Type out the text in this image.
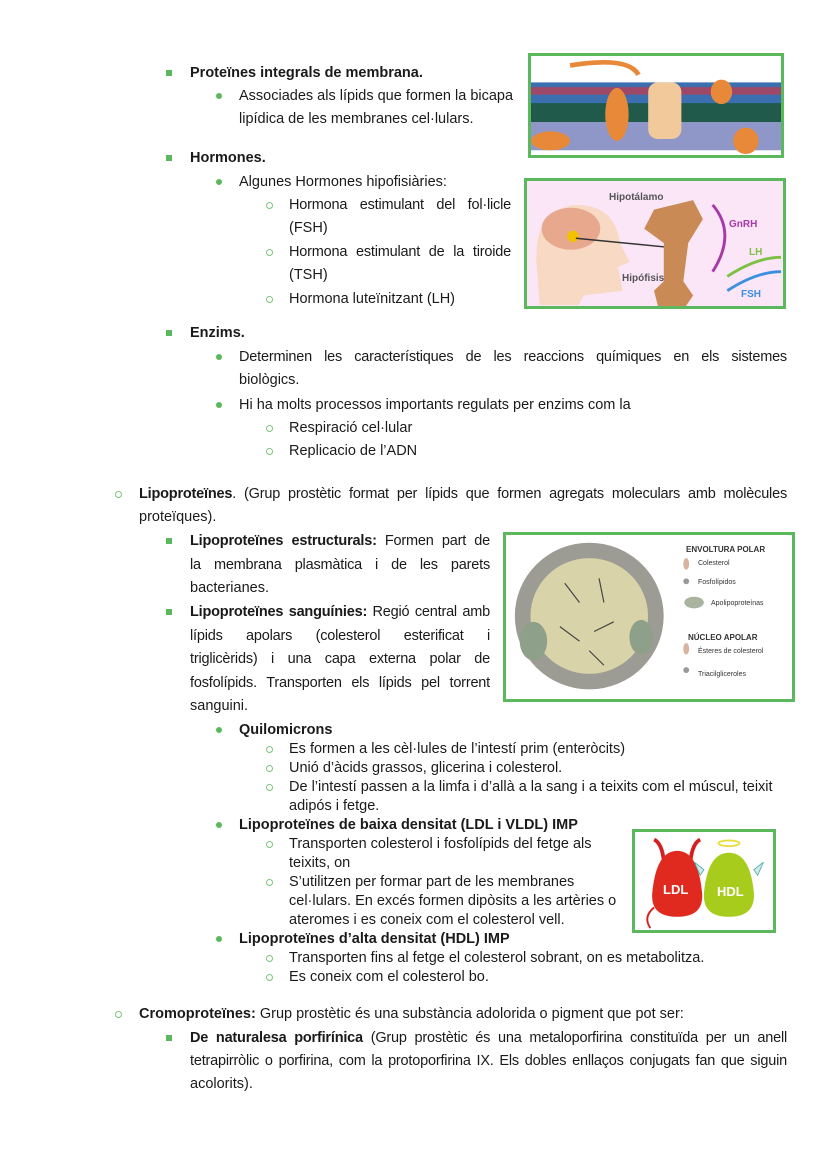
Proteïnes integrals de membrana.
Associades als lípids que formen la bicapa
lipídica de les membranes cel·lulars.
Hormones.
Algunes Hormones hipofisiàries:
Hormona estimulant del fol·licle
(FSH)
Hormona estimulant de la tiroide
(TSH)
Hormona luteïnitzant (LH)
Enzims.
Determinen les característiques de les reaccions químiques en els sistemes
biològics.
Hi ha molts processos importants regulats per enzims com la
Respiració cel·lular
Replicacio de l’ADN
Lipoproteïnes. (Grup prostètic format per lípids que formen agregats moleculars amb molècules
proteïques).
Lipoproteïnes estructurals: Formen part de
la membrana plasmàtica i de les parets
bacterianes.
Lipoproteïnes sanguínies: Regió central amb
lípids apolars (colesterol esterificat i
triglicèrids) i una capa externa polar de
fosfolípids. Transporten els lípids pel torrent
sanguini.
Quilomicrons
Es formen a les cèl·lules de l’intestí prim (enteròcits)
Unió d’àcids grassos, glicerina i colesterol.
De l’intestí passen a la limfa i d’allà a la sang i a teixits com el múscul, teixit
adipós i fetge.
Lipoproteïnes de baixa densitat (LDL i VLDL) IMP
Transporten colesterol i fosfolípids del fetge als
teixits, on
S’utilitzen per formar part de les membranes
cel·lulars. En excés formen dipòsits a les artèries o
ateromes i es coneix com el colesterol vell.
Lipoproteïnes d’alta densitat (HDL) IMP
Transporten fins al fetge el colesterol sobrant, on es metabolitza.
Es coneix com el colesterol bo.
Cromoproteïnes: Grup prostètic és una substància adolorida o pigment que pot ser:
De naturalesa porfirínica (Grup prostètic és una metaloporfirina constituïda per un anell
tetrapirròlic o porfirina, com la protoporfirina IX. Els dobles enllaços conjugats fan que siguin
acolorits).
Hipotálamo
GnRH
LH
Hipófisis
FSH
ENVOLTURA POLAR
Colesterol
Fosfolípidos
Apolipoproteínas
NÚCLEO APOLAR
Ésteres de colesterol
Triacilgliceroles
LDL HDL
